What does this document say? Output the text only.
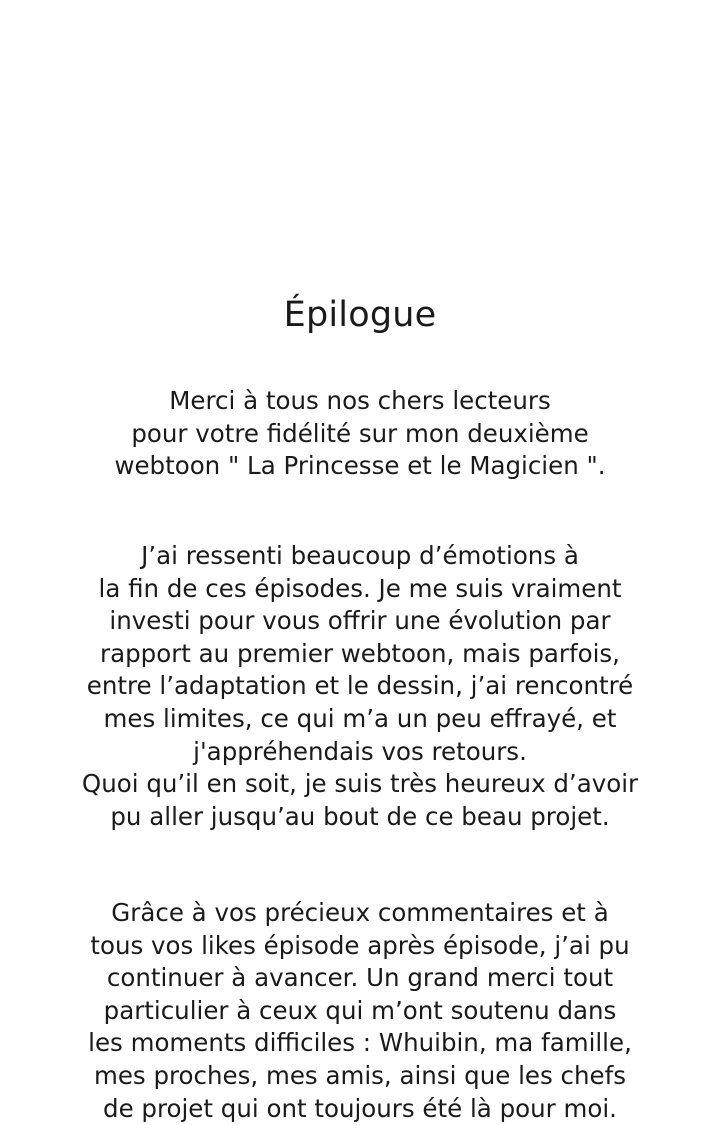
Épilogue

Merci à tous nos chers lecteurs
pour votre fidélité sur mon deuxième
webtoon " La Princesse et le Magicien ".

J’ai ressenti beaucoup d’émotions à
la fin de ces épisodes. Je me suis vraiment
investi pour vous offrir une évolution par
rapport au premier webtoon, mais parfois,
entre l’adaptation et le dessin, j’ai rencontré
mes limites, ce qui m’a un peu effrayé, et
j'appréhendais vos retours.
Quoi qu’il en soit, je suis très heureux d’avoir
pu aller jusqu’au bout de ce beau projet.

Grâce à vos précieux commentaires et à
tous vos likes épisode après épisode, j’ai pu
continuer à avancer. Un grand merci tout
particulier à ceux qui m’ont soutenu dans
les moments difficiles : Whuibin, ma famille,
mes proches, mes amis, ainsi que les chefs
de projet qui ont toujours été là pour moi.
